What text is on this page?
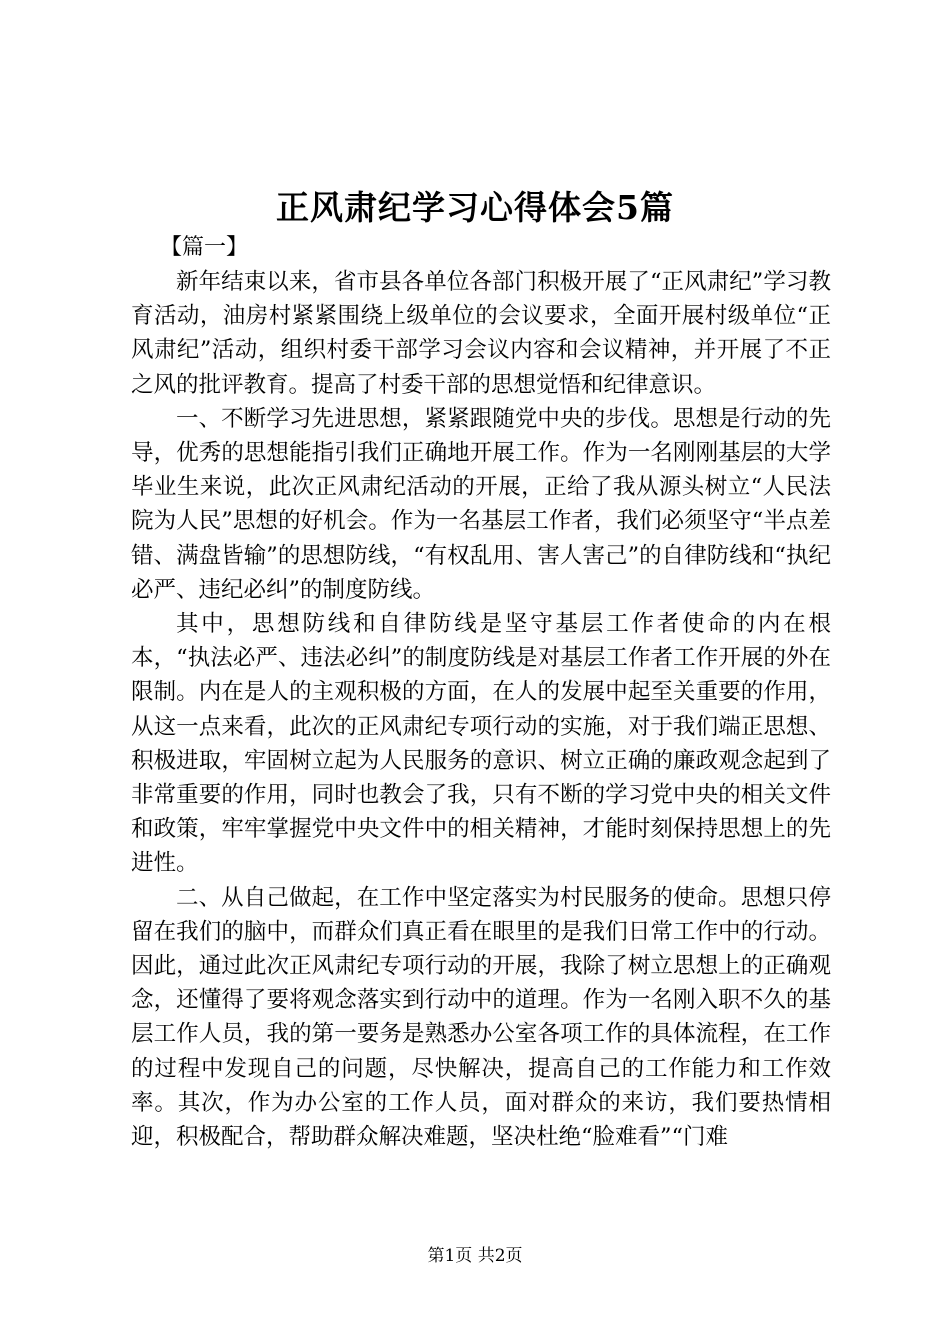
正风肃纪学习心得体会5篇
【篇一】

新年结束以来，省市县各单位各部门积极开展了“正风肃纪”学习教育活动，油房村紧紧围绕上级单位的会议要求，全面开展村级单位“正风肃纪”活动，组织村委干部学习会议内容和会议精神，并开展了不正之风的批评教育。提高了村委干部的思想觉悟和纪律意识。

一、不断学习先进思想，紧紧跟随党中央的步伐。思想是行动的先导，优秀的思想能指引我们正确地开展工作。作为一名刚刚基层的大学毕业生来说，此次正风肃纪活动的开展，正给了我从源头树立“人民法院为人民”思想的好机会。作为一名基层工作者，我们必须坚守“半点差错、满盘皆输”的思想防线，“有权乱用、害人害己”的自律防线和“执纪必严、违纪必纠”的制度防线。

其中，思想防线和自律防线是坚守基层工作者使命的内在根本，“执法必严、违法必纠”的制度防线是对基层工作者工作开展的外在限制。内在是人的主观积极的方面，在人的发展中起至关重要的作用，从这一点来看，此次的正风肃纪专项行动的实施，对于我们端正思想、积极进取，牢固树立起为人民服务的意识、树立正确的廉政观念起到了非常重要的作用，同时也教会了我，只有不断的学习党中央的相关文件和政策，牢牢掌握党中央文件中的相关精神，才能时刻保持思想上的先进性。

二、从自己做起，在工作中坚定落实为村民服务的使命。思想只停留在我们的脑中，而群众们真正看在眼里的是我们日常工作中的行动。因此，通过此次正风肃纪专项行动的开展，我除了树立思想上的正确观念，还懂得了要将观念落实到行动中的道理。作为一名刚入职不久的基层工作人员，我的第一要务是熟悉办公室各项工作的具体流程，在工作的过程中发现自己的问题，尽快解决，提高自己的工作能力和工作效率。其次，作为办公室的工作人员，面对群众的来访，我们要热情相迎，积极配合，帮助群众解决难题，坚决杜绝“脸难看”“门难

第1页 共2页
